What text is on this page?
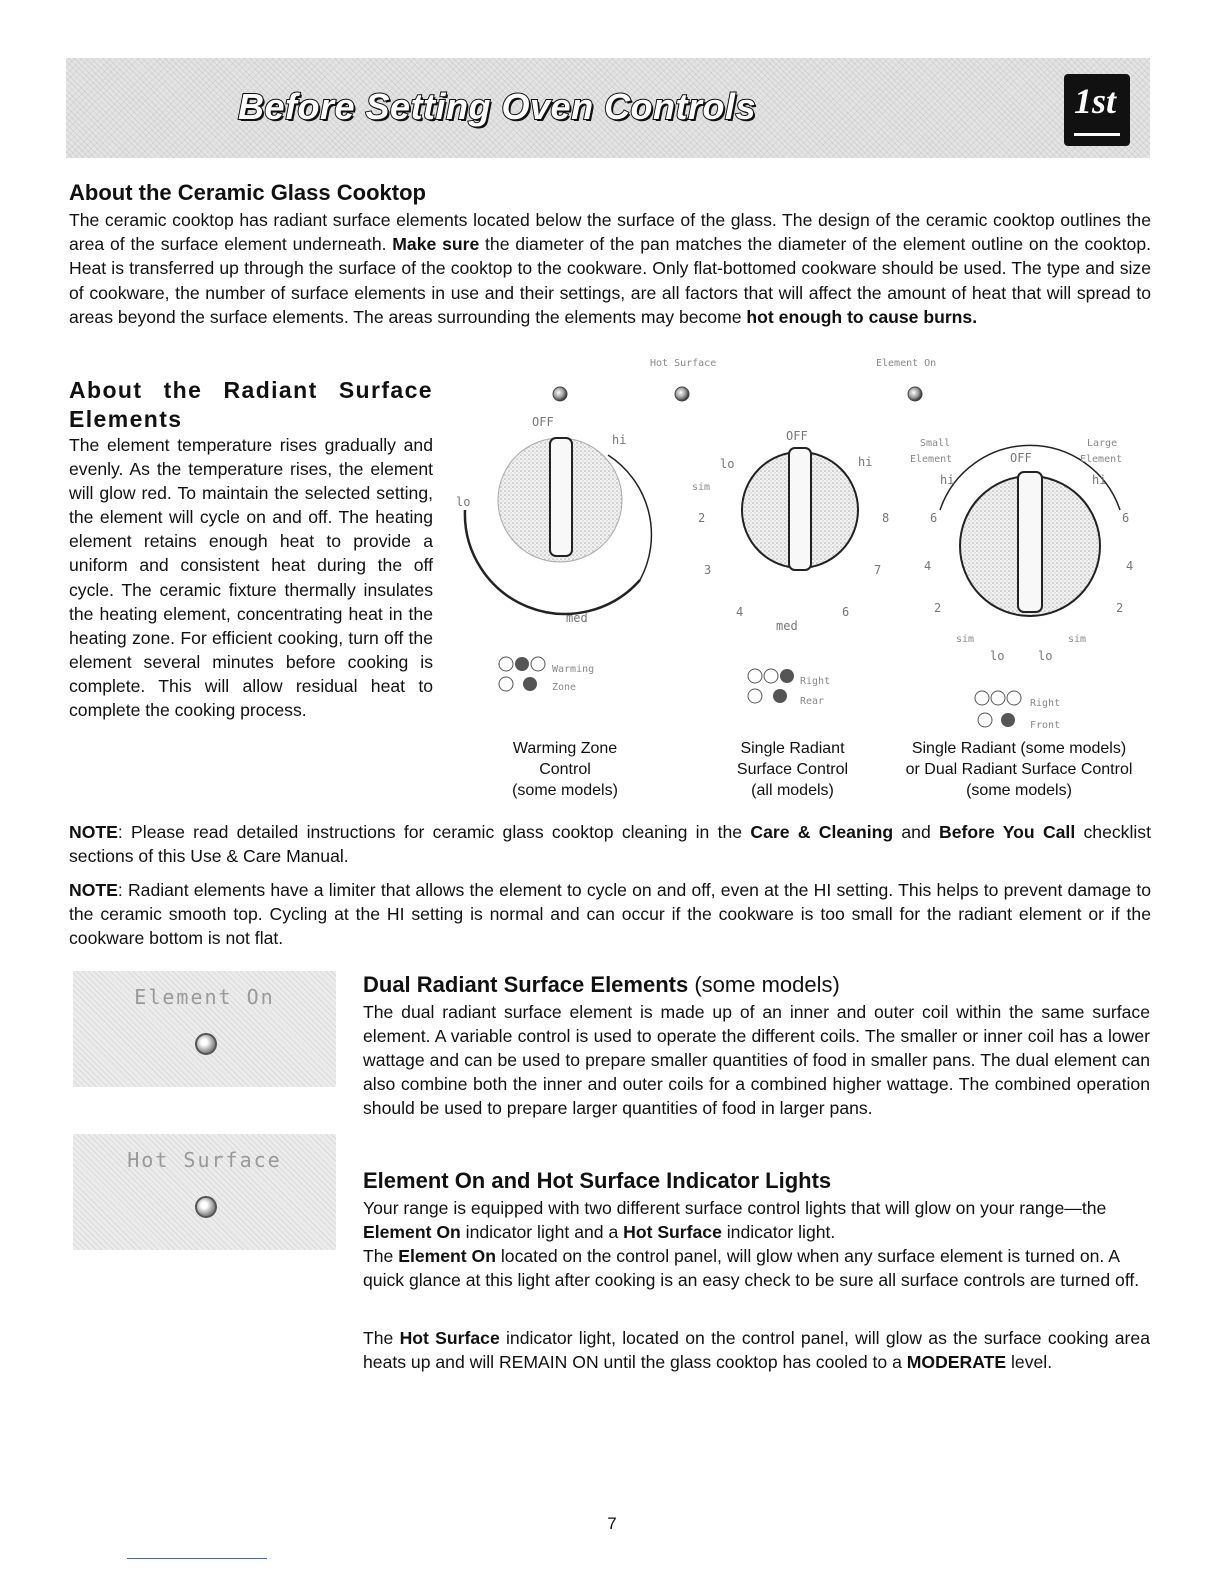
Before Setting Oven Controls	1st
About the Ceramic Glass Cooktop

The ceramic cooktop has radiant surface elements located below the surface of the glass. The design of the ceramic cooktop outlines the area of the surface element underneath. Make sure the diameter of the pan matches the diameter of the element outline on the cooktop. Heat is transferred up through the surface of the cooktop to the cookware. Only flat-bottomed cookware should be used. The type and size of cookware, the number of surface elements in use and their settings, are all factors that will affect the amount of heat that will spread to areas beyond the surface elements. The areas surrounding the elements may become hot enough to cause burns.

About the Radiant Surface Elements

The element temperature rises gradually and evenly. As the temperature rises, the element will glow red. To maintain the selected setting, the element will cycle on and off. The heating element retains enough heat to provide a uniform and consistent heat during the off cycle. The ceramic fixture thermally insulates the heating element, concentrating heat in the heating zone. For efficient cooking, turn off the element several minutes before cooking is complete. This will allow residual heat to complete the cooking process.

Hot Surface	Element On
OFF
hi
lo
med
Warming
Zone
OFF
lo	hi
sim
2
3
4	6
7
8
med
Right
Rear
Small
Element
Large
Element
OFF
hi	hi
6	6
4	4
2	2
sim	sim
lo	lo
Right
Front
Warming Zone
Control
(some models)
Single Radiant
Surface Control
(all models)
Single Radiant (some models)
or Dual Radiant Surface Control
(some models)

NOTE: Please read detailed instructions for ceramic glass cooktop cleaning in the Care & Cleaning and Before You Call checklist sections of this Use & Care Manual.

NOTE: Radiant elements have a limiter that allows the element to cycle on and off, even at the HI setting. This helps to prevent damage to the ceramic smooth top. Cycling at the HI setting is normal and can occur if the cookware is too small for the radiant element or if the cookware bottom is not flat.

Element On
Hot Surface
Dual Radiant Surface Elements (some models)

The dual radiant surface element is made up of an inner and outer coil within the same surface element. A variable control is used to operate the different coils. The smaller or inner coil has a lower wattage and can be used to prepare smaller quantities of food in smaller pans. The dual element can also combine both the inner and outer coils for a combined higher wattage. The combined operation should be used to prepare larger quantities of food in larger pans.

Element On and Hot Surface Indicator Lights

Your range is equipped with two different surface control lights that will glow on your range—the Element On indicator light and a Hot Surface indicator light.

The Element On located on the control panel, will glow when any surface element is turned on. A quick glance at this light after cooking is an easy check to be sure all surface controls are turned off.

The Hot Surface indicator light, located on the control panel, will glow as the surface cooking area heats up and will REMAIN ON until the glass cooktop has cooled to a MODERATE level.

7
